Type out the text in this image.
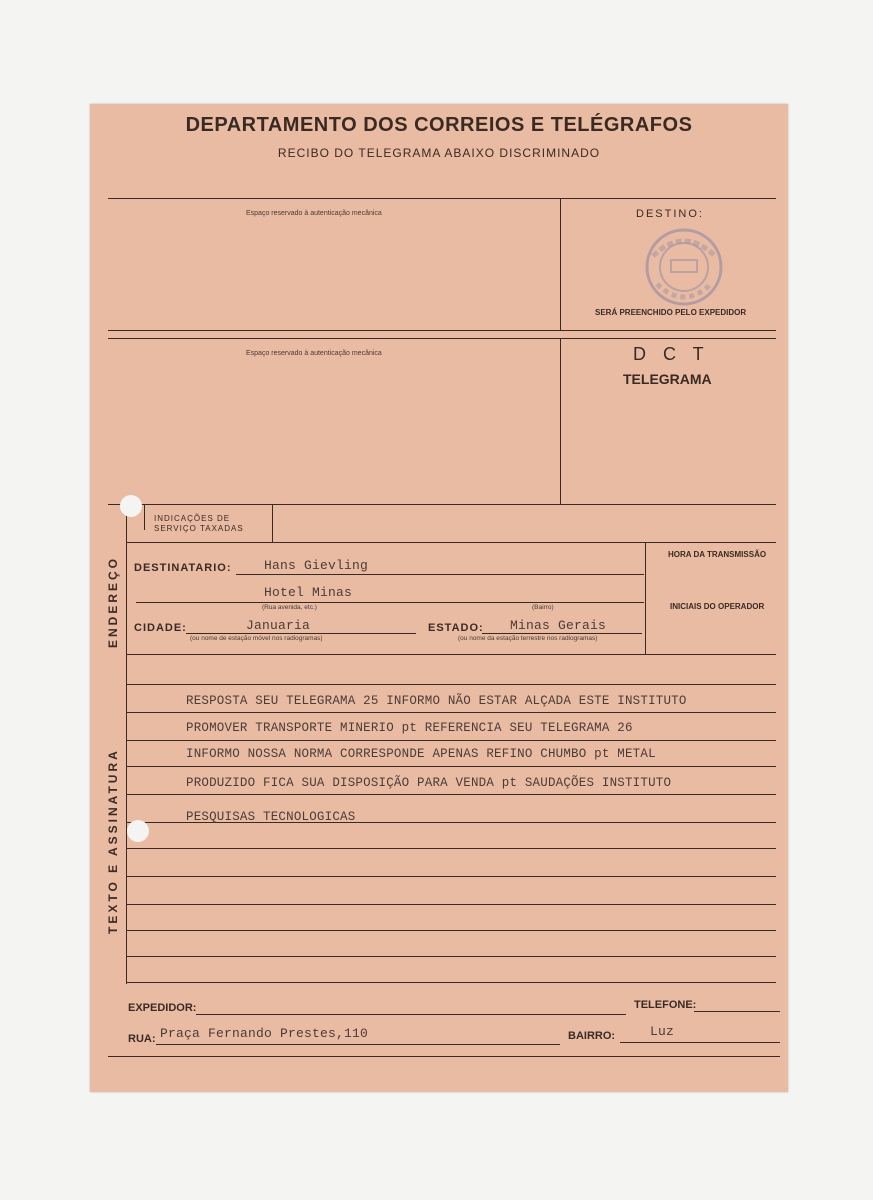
DEPARTAMENTO DOS CORREIOS E TELÉGRAFOS
RECIBO DO TELEGRAMA ABAIXO DISCRIMINADO
Espaço reservado à autenticação mecânica
Espaço reservado à autenticação mecânica
DESTINO:
SERÁ PREENCHIDO PELO EXPEDIDOR
D C T
TELEGRAMA
INDICAÇÕES DE
SERVIÇO TAXADAS
ENDEREÇO DESTINATARIO: Hans Gievling
Hotel Minas
(Rua avenida, etc.)	(Bairro)
CIDADE:	Januaria
(ou nome de estação móvel nos radiogramas)
ESTADO: Minas Gerais
(ou nome da estação terrestre nos radiogramas)
HORA DA TRANSMISSÃO
INICIAIS DO OPERADOR
TEXTO E ASSINATURA
RESPOSTA SEU TELEGRAMA 25 INFORMO NÃO ESTAR ALÇADA ESTE INSTITUTO
PROMOVER TRANSPORTE MINERIO pt REFERENCIA SEU TELEGRAMA 26
INFORMO NOSSA NORMA CORRESPONDE APENAS REFINO CHUMBO pt METAL
PRODUZIDO FICA SUA DISPOSIÇÃO PARA VENDA pt SAUDAÇÕES INSTITUTO
PESQUISAS TECNOLOGICAS
EXPEDIDOR:	TELEFONE:
RUA: Praça Fernando Prestes,110	BAIRRO:	Luz
